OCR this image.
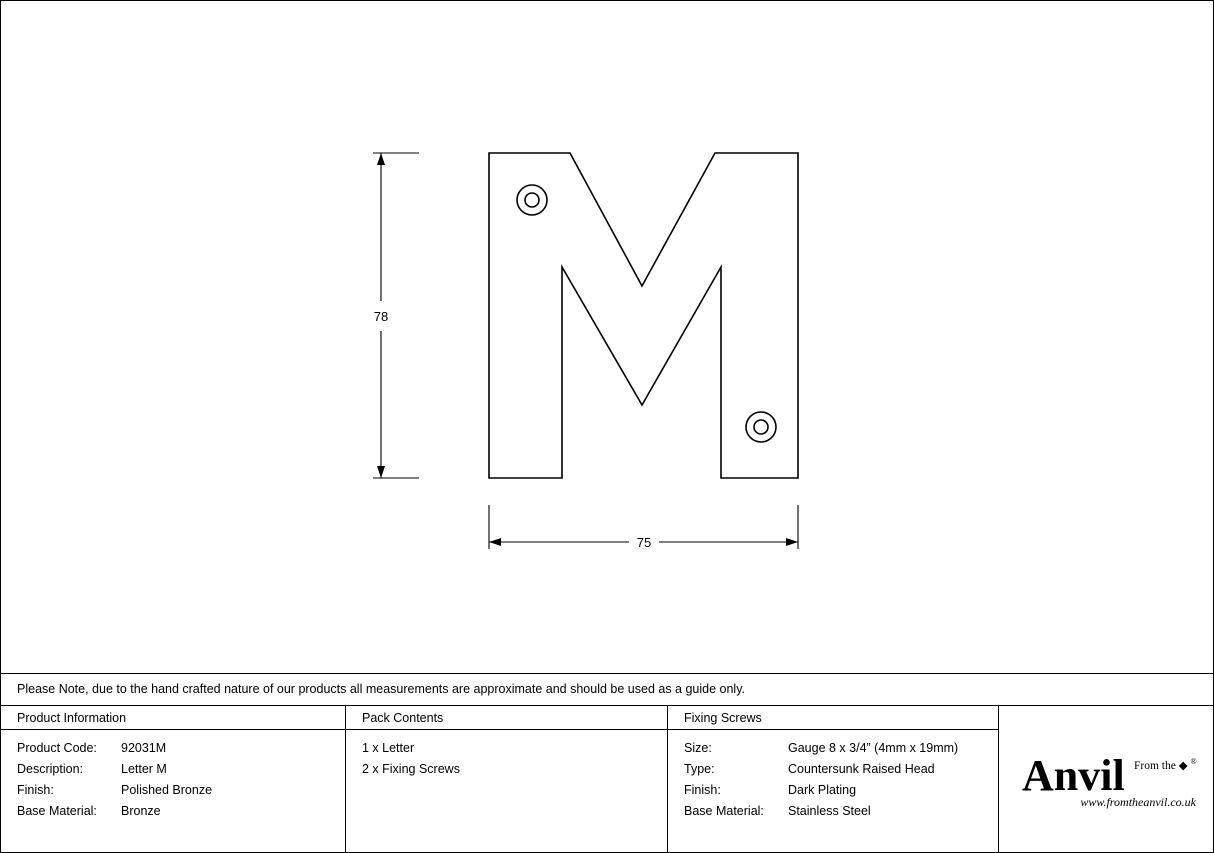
78
75
Please Note, due to the hand crafted nature of our products all measurements are approximate and should be used as a guide only.
Product Information
Product Code:	92031M
Description:	Letter M
Finish:	Polished Bronze
Base Material:	Bronze
Pack Contents
1 x Letter
2 x Fixing Screws
Fixing Screws
Size:	Gauge 8 x 3/4” (4mm x 19mm)
Type:	Countersunk Raised Head
Finish:	Dark Plating
Base Material:	Stainless Steel
From the ◆ ®
Anvil
www.fromtheanvil.co.uk
